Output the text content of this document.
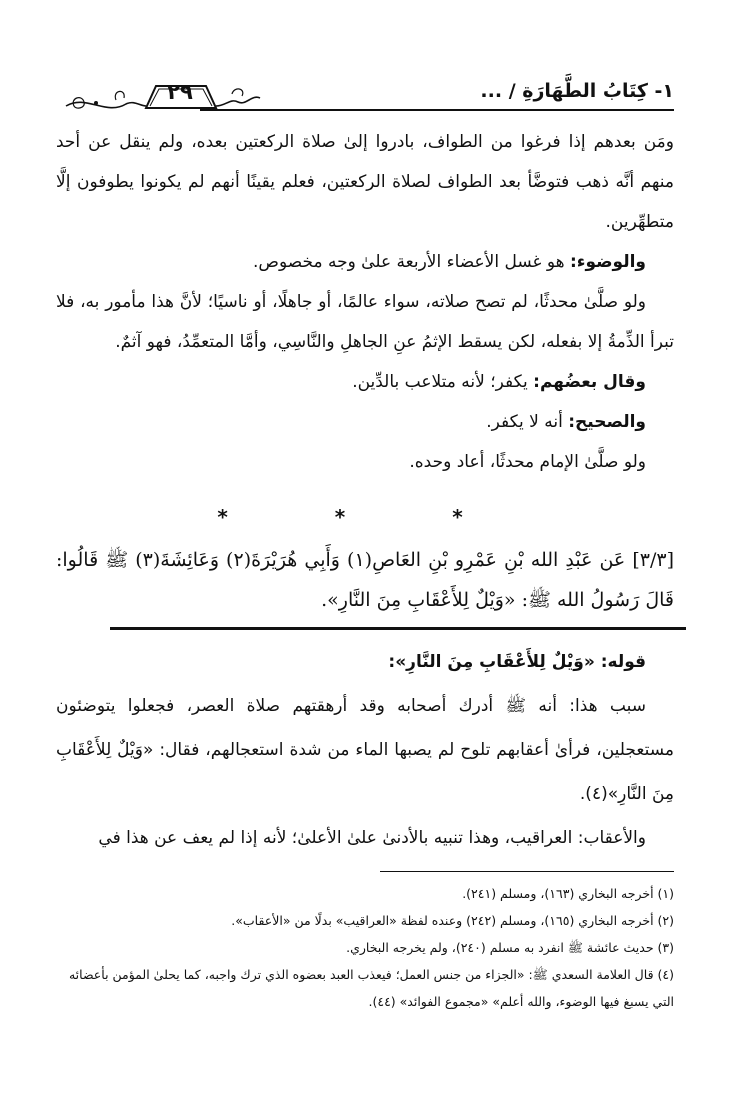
١- كِتَابُ الطَّهَارَةِ / ...
٢٩

ومَن بعدهم إذا فرغوا من الطواف، بادروا إلىٰ صلاة الركعتين بعده، ولم ينقل عن أحد منهم أنَّه ذهب فتوضَّأ بعد الطواف لصلاة الركعتين، فعلم يقينًا أنهم لم يكونوا يطوفون إلَّا متطهِّرين.

والوضوء: هو غسل الأعضاء الأربعة علىٰ وجه مخصوص.

ولو صلَّىٰ محدثًا، لم تصح صلاته، سواء عالمًا، أو جاهلًا، أو ناسيًا؛ لأنَّ هذا مأمور به، فلا تبرأ الذِّمةُ إلا بفعله، لكن يسقط الإثمُ عنِ الجاهلِ والنَّاسِي، وأمَّا المتعمِّدُ، فهو آثمٌ.

وقال بعضُهم: يكفر؛ لأنه متلاعب بالدِّين.

والصحيح: أنه لا يكفر.

ولو صلَّىٰ الإمام محدثًا، أعاد وحده.

* * *
[٣/٣] عَن عَبْدِ الله بْنِ عَمْرِو بْنِ العَاصِ(١) وَأَبِي هُرَيْرَةَ(٢) وَعَائِشَةَ(٣) ﷺ قَالُوا: قَالَ رَسُولُ الله ﷺ: «وَيْلٌ لِلأَعْقَابِ مِنَ النَّارِ».

قوله: «وَيْلٌ لِلأَعْقَابِ مِنَ النَّارِ»:

سبب هذا: أنه ﷺ أدرك أصحابه وقد أرهقتهم صلاة العصر، فجعلوا يتوضئون مستعجلين، فرأىٰ أعقابهم تلوح لم يصبها الماء من شدة استعجالهم، فقال: «وَيْلٌ لِلأَعْقَابِ مِنَ النَّارِ»(٤).

والأعقاب: العراقيب، وهذا تنبيه بالأدنىٰ علىٰ الأعلىٰ؛ لأنه إذا لم يعف عن هذا في

(١) أخرجه البخاري (١٦٣)، ومسلم (٢٤١).

(٢) أخرجه البخاري (١٦٥)، ومسلم (٢٤٢) وعنده لفظة «العراقيب» بدلًا من «الأعقاب».

(٣) حديث عائشة ﷺ انفرد به مسلم (٢٤٠)، ولم يخرجه البخاري.

(٤) قال العلامة السعدي ﷺ: «الجزاء من جنس العمل؛ فيعذب العبد بعضوه الذي ترك واجبه، كما يحلىٰ المؤمن بأعضائه التي يسبغ فيها الوضوء، والله أعلم» «مجموع الفوائد» (٤٤).
